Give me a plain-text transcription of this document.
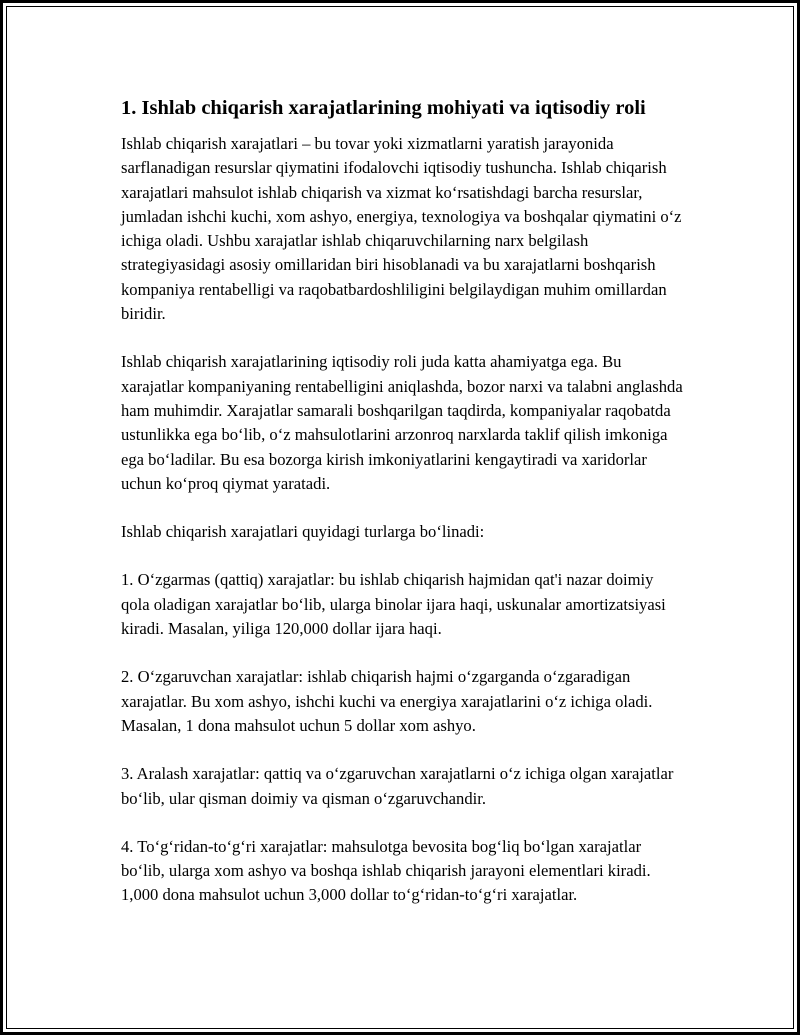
1. Ishlab chiqarish xarajatlarining mohiyati va iqtisodiy roli

Ishlab chiqarish xarajatlari – bu tovar yoki xizmatlarni yaratish jarayonida sarflanadigan resurslar qiymatini ifodalovchi iqtisodiy tushuncha. Ishlab chiqarish xarajatlari mahsulot ishlab chiqarish va xizmat ko‘rsatishdagi barcha resurslar, jumladan ishchi kuchi, xom ashyo, energiya, texnologiya va boshqalar qiymatini o‘z ichiga oladi. Ushbu xarajatlar ishlab chiqaruvchilarning narx belgilash strategiyasidagi asosiy omillaridan biri hisoblanadi va bu xarajatlarni boshqarish kompaniya rentabelligi va raqobatbardoshliligini belgilaydigan muhim omillardan biridir.

Ishlab chiqarish xarajatlarining iqtisodiy roli juda katta ahamiyatga ega. Bu xarajatlar kompaniyaning rentabelligini aniqlashda, bozor narxi va talabni anglashda ham muhimdir. Xarajatlar samarali boshqarilgan taqdirda, kompaniyalar raqobatda ustunlikka ega bo‘lib, o‘z mahsulotlarini arzonroq narxlarda taklif qilish imkoniga ega bo‘ladilar. Bu esa bozorga kirish imkoniyatlarini kengaytiradi va xaridorlar uchun ko‘proq qiymat yaratadi.

Ishlab chiqarish xarajatlari quyidagi turlarga bo‘linadi:

1. O‘zgarmas (qattiq) xarajatlar: bu ishlab chiqarish hajmidan qat'i nazar doimiy qola oladigan xarajatlar bo‘lib, ularga binolar ijara haqi, uskunalar amortizatsiyasi kiradi. Masalan, yiliga 120,000 dollar ijara haqi.

2. O‘zgaruvchan xarajatlar: ishlab chiqarish hajmi o‘zgarganda o‘zgaradigan xarajatlar. Bu xom ashyo, ishchi kuchi va energiya xarajatlarini o‘z ichiga oladi. Masalan, 1 dona mahsulot uchun 5 dollar xom ashyo.

3. Aralash xarajatlar: qattiq va o‘zgaruvchan xarajatlarni o‘z ichiga olgan xarajatlar bo‘lib, ular qisman doimiy va qisman o‘zgaruvchandir.

4. To‘g‘ridan-to‘g‘ri xarajatlar: mahsulotga bevosita bog‘liq bo‘lgan xarajatlar bo‘lib, ularga xom ashyo va boshqa ishlab chiqarish jarayoni elementlari kiradi. 1,000 dona mahsulot uchun 3,000 dollar to‘g‘ridan-to‘g‘ri xarajatlar.
